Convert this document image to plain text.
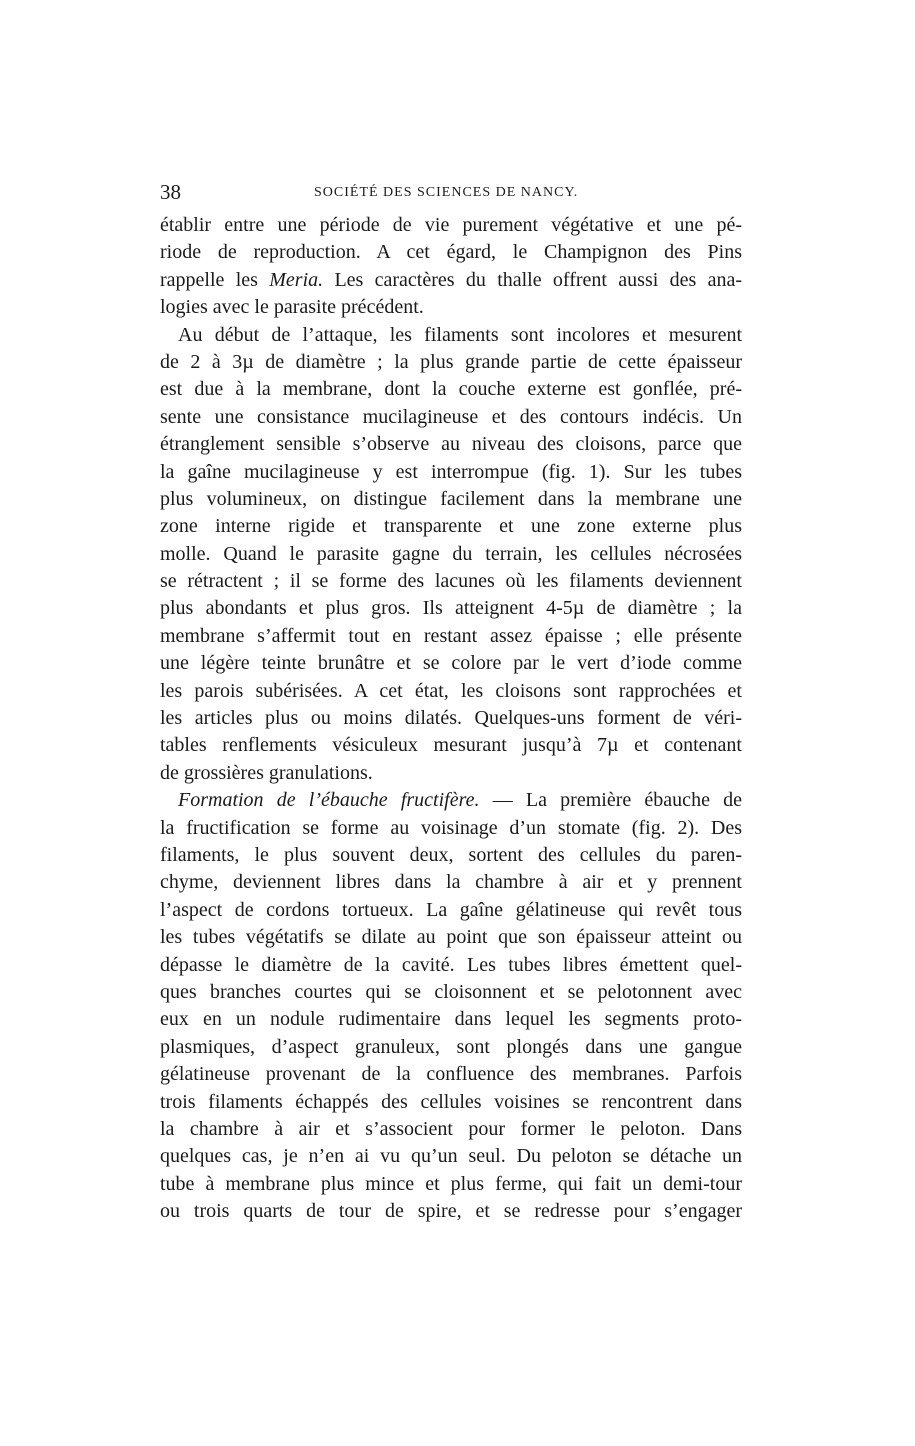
38	SOCIÉTÉ DES SCIENCES DE NANCY.
établir entre une période de vie purement végétative et une pé-
riode de reproduction. A cet égard, le Champignon des Pins
rappelle les Meria. Les caractères du thalle offrent aussi des ana-
logies avec le parasite précédent.
Au début de l’attaque, les filaments sont incolores et mesurent
de 2 à 3µ de diamètre ; la plus grande partie de cette épaisseur
est due à la membrane, dont la couche externe est gonflée, pré-
sente une consistance mucilagineuse et des contours indécis. Un
étranglement sensible s’observe au niveau des cloisons, parce que
la gaîne mucilagineuse y est interrompue (fig. 1). Sur les tubes
plus volumineux, on distingue facilement dans la membrane une
zone interne rigide et transparente et une zone externe plus
molle. Quand le parasite gagne du terrain, les cellules nécrosées
se rétractent ; il se forme des lacunes où les filaments deviennent
plus abondants et plus gros. Ils atteignent 4-5µ de diamètre ; la
membrane s’affermit tout en restant assez épaisse ; elle présente
une légère teinte brunâtre et se colore par le vert d’iode comme
les parois subérisées. A cet état, les cloisons sont rapprochées et
les articles plus ou moins dilatés. Quelques-uns forment de véri-
tables renflements vésiculeux mesurant jusqu’à 7µ et contenant
de grossières granulations.
Formation de l’ébauche fructifère. — La première ébauche de
la fructification se forme au voisinage d’un stomate (fig. 2). Des
filaments, le plus souvent deux, sortent des cellules du paren-
chyme, deviennent libres dans la chambre à air et y prennent
l’aspect de cordons tortueux. La gaîne gélatineuse qui revêt tous
les tubes végétatifs se dilate au point que son épaisseur atteint ou
dépasse le diamètre de la cavité. Les tubes libres émettent quel-
ques branches courtes qui se cloisonnent et se pelotonnent avec
eux en un nodule rudimentaire dans lequel les segments proto-
plasmiques, d’aspect granuleux, sont plongés dans une gangue
gélatineuse provenant de la confluence des membranes. Parfois
trois filaments échappés des cellules voisines se rencontrent dans
la chambre à air et s’associent pour former le peloton. Dans
quelques cas, je n’en ai vu qu’un seul. Du peloton se détache un
tube à membrane plus mince et plus ferme, qui fait un demi-tour
ou trois quarts de tour de spire, et se redresse pour s’engager
